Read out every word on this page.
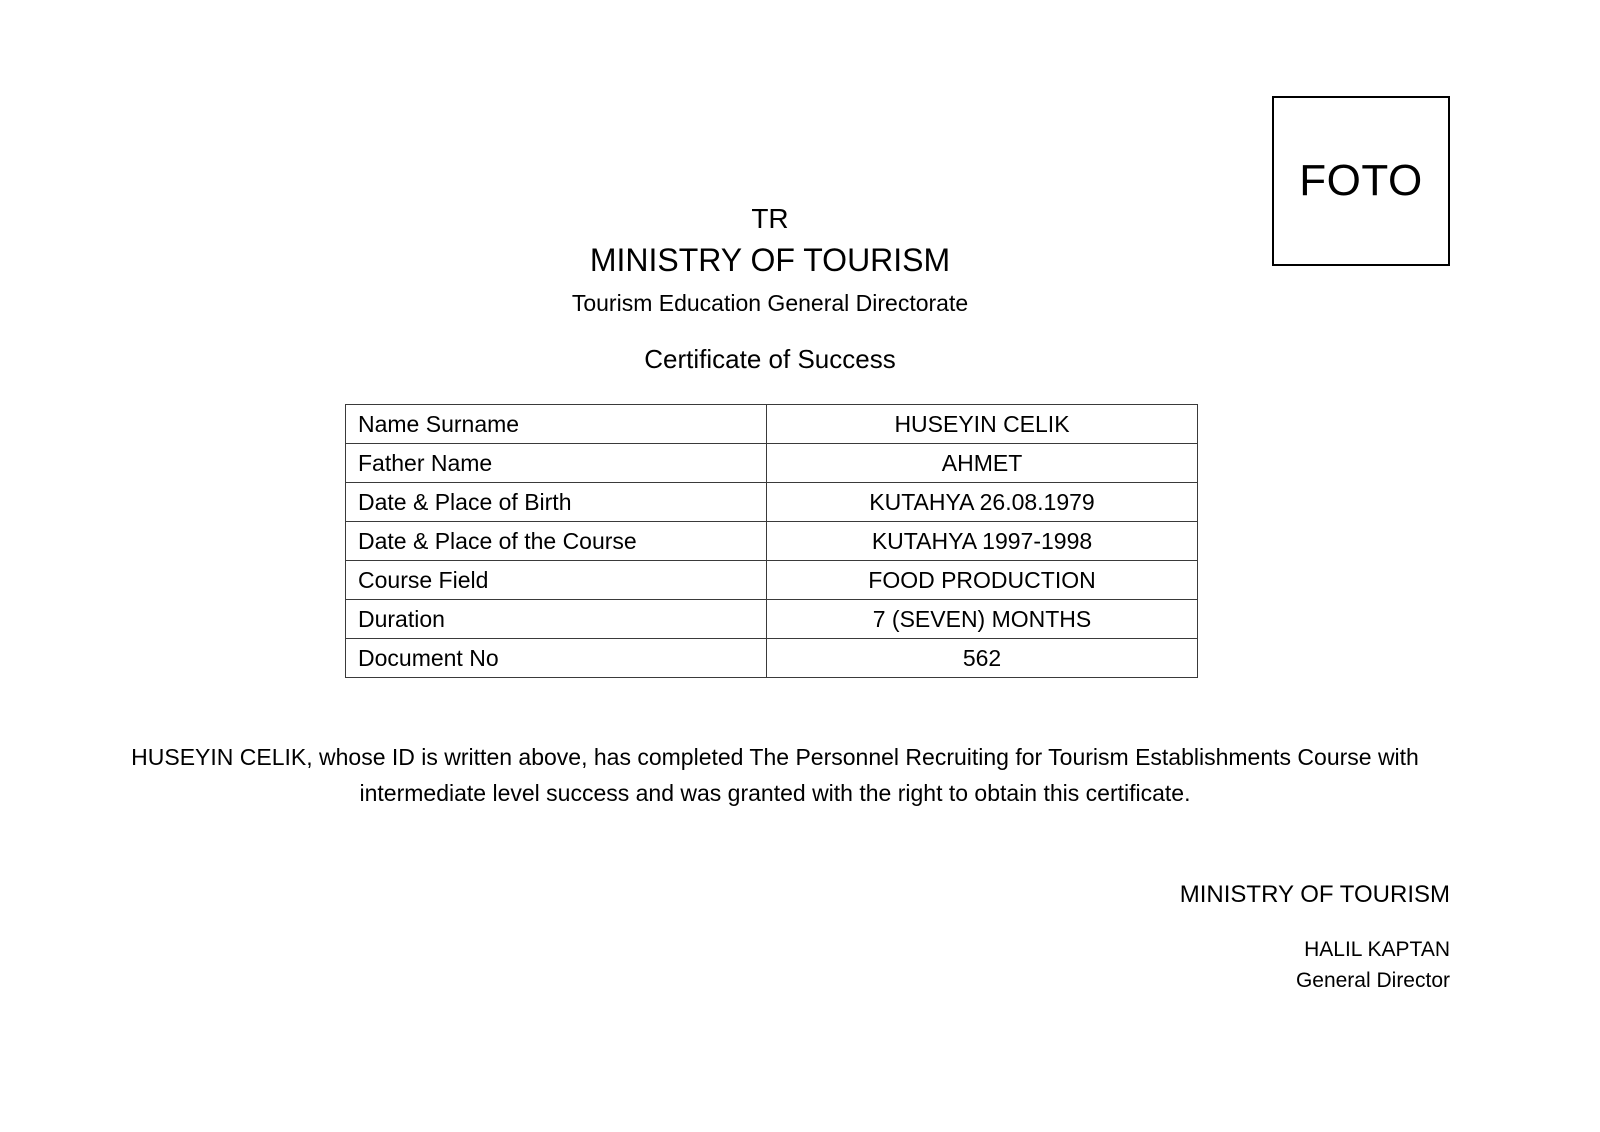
FOTO
TR
MINISTRY OF TOURISM
Tourism Education General Directorate
Certificate of Success
Name Surname	HUSEYIN CELIK
Father Name	AHMET
Date & Place of Birth	KUTAHYA 26.08.1979
Date & Place of the Course	KUTAHYA 1997-1998
Course Field	FOOD PRODUCTION
Duration	7 (SEVEN) MONTHS
Document No	562
HUSEYIN CELIK, whose ID is written above, has completed The Personnel Recruiting for Tourism Establishments Course with intermediate level success and was granted with the right to obtain this certificate.
MINISTRY OF TOURISM
HALIL KAPTAN
General Director
